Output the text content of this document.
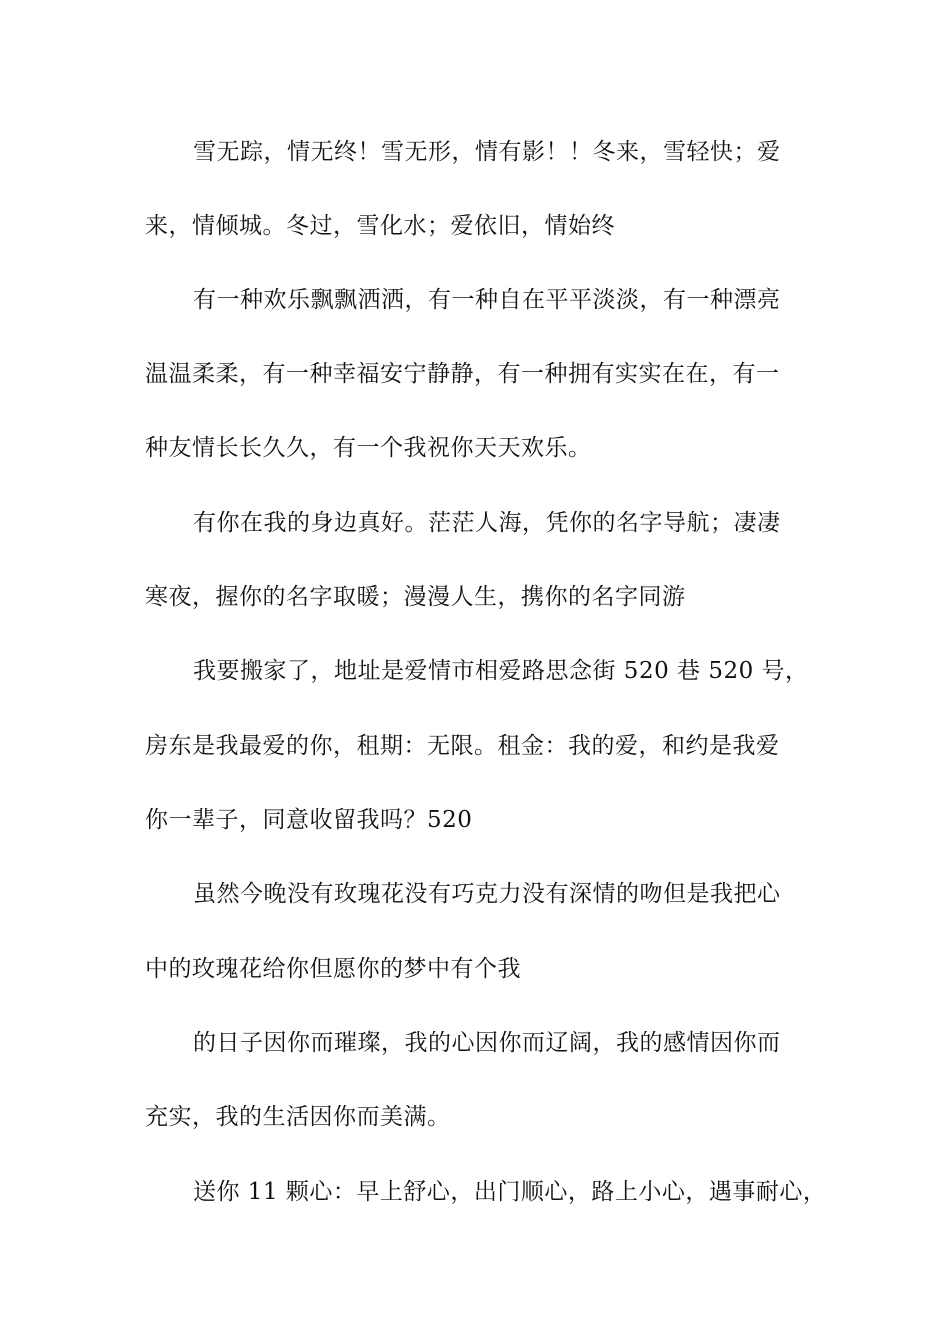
雪无踪，情无终！雪无形，情有影！！冬来，雪轻快；爱
来，情倾城。冬过，雪化水；爱依旧，情始终
有一种欢乐飘飘洒洒，有一种自在平平淡淡，有一种漂亮
温温柔柔，有一种幸福安宁静静，有一种拥有实实在在，有一
种友情长长久久，有一个我祝你天天欢乐。
有你在我的身边真好。茫茫人海，凭你的名字导航；凄凄
寒夜，握你的名字取暖；漫漫人生，携你的名字同游
我要搬家了，地址是爱情市相爱路思念街 520 巷 520 号，
房东是我最爱的你，租期：无限。租金：我的爱，和约是我爱
你一辈子，同意收留我吗？520
虽然今晚没有玫瑰花没有巧克力没有深情的吻但是我把心
中的玫瑰花给你但愿你的梦中有个我
的日子因你而璀璨，我的心因你而辽阔，我的感情因你而
充实，我的生活因你而美满。
送你 11 颗心：早上舒心，出门顺心，路上小心，遇事耐心，
